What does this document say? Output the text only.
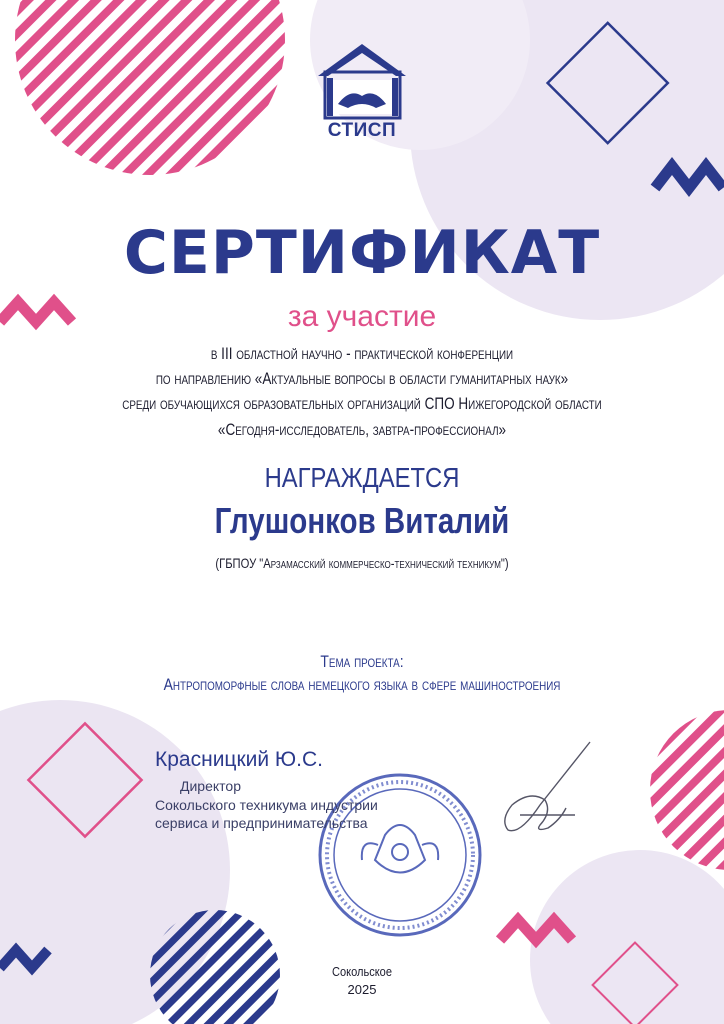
СТИСП
СЕРТИФИКАТ
за участие
в III областной научно - практической конференции
по направлению «Актуальные вопросы в области гуманитарных наук»
среди обучающихся образовательных организаций СПО Нижегородской области
«Сегодня-исследователь, завтра-профессионал»
НАГРАЖДАЕТСЯ
Глушонков Виталий
(ГБПОУ "Арзамасский коммерческо-технический техникум")
Тема проекта:
Антропоморфные слова немецкого языка в сфере машиностроения
Красницкий Ю.С.
Директор
Сокольского техникума индустрии
сервиса и предпринимательства
Сокольское
2025
